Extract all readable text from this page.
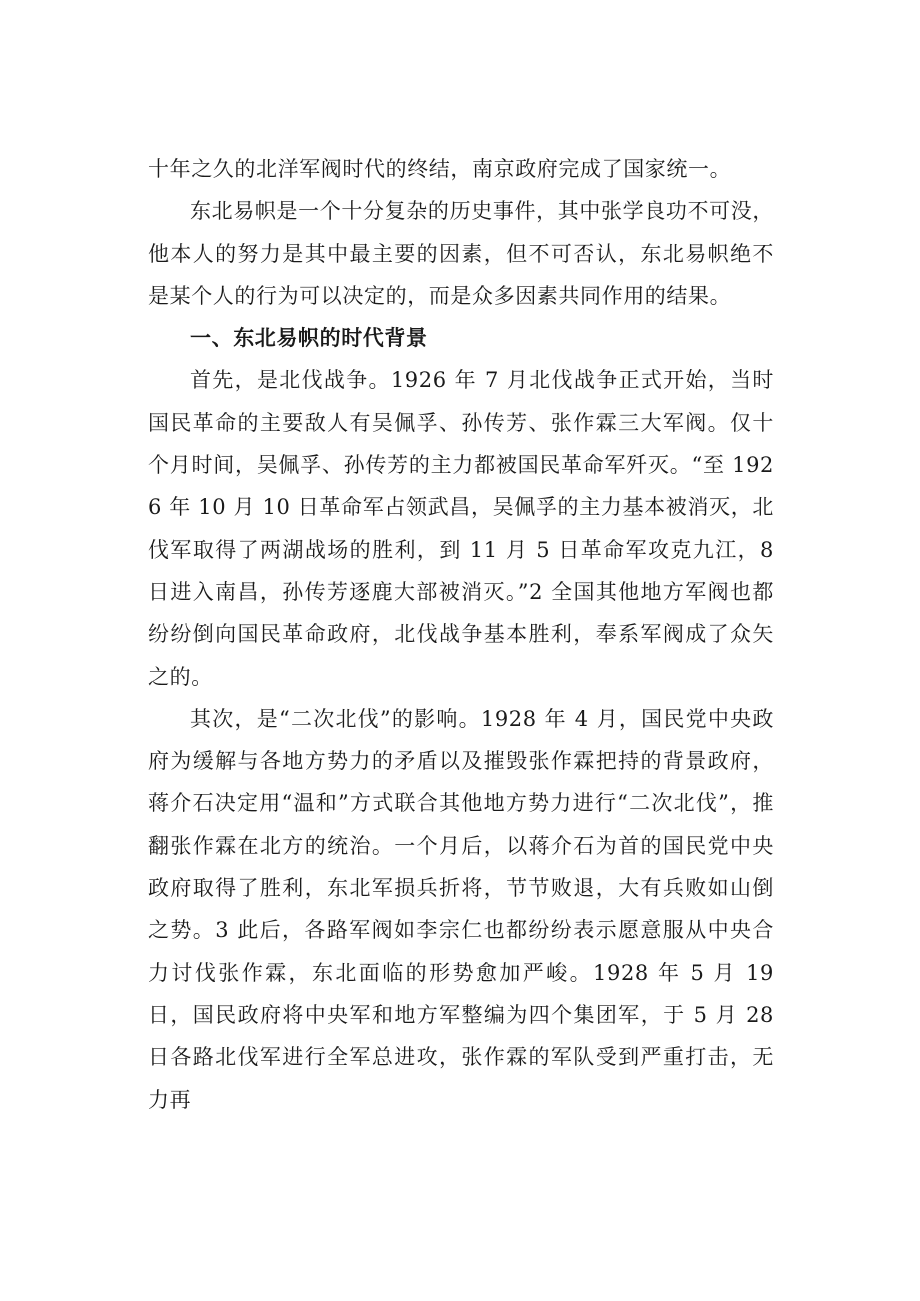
十年之久的北洋军阀时代的终结，南京政府完成了国家统一。

东北易帜是一个十分复杂的历史事件，其中张学良功不可没，他本人的努力是其中最主要的因素，但不可否认，东北易帜绝不是某个人的行为可以决定的，而是众多因素共同作用的结果。

一、东北易帜的时代背景

首先，是北伐战争。1926 年 7 月北伐战争正式开始，当时国民革命的主要敌人有吴佩孚、孙传芳、张作霖三大军阀。仅十个月时间，吴佩孚、孙传芳的主力都被国民革命军歼灭。“至 1926 年 10 月 10 日革命军占领武昌，吴佩孚的主力基本被消灭，北伐军取得了两湖战场的胜利，到 11 月 5 日革命军攻克九江，8 日进入南昌，孙传芳逐鹿大部被消灭。”2 全国其他地方军阀也都纷纷倒向国民革命政府，北伐战争基本胜利，奉系军阀成了众矢之的。

其次，是“二次北伐”的影响。1928 年 4 月，国民党中央政府为缓解与各地方势力的矛盾以及摧毁张作霖把持的背景政府，蒋介石决定用“温和”方式联合其他地方势力进行“二次北伐”，推翻张作霖在北方的统治。一个月后，以蒋介石为首的国民党中央政府取得了胜利，东北军损兵折将，节节败退，大有兵败如山倒之势。3 此后，各路军阀如李宗仁也都纷纷表示愿意服从中央合力讨伐张作霖，东北面临的形势愈加严峻。1928 年 5 月 19 日，国民政府将中央军和地方军整编为四个集团军，于 5 月 28 日各路北伐军进行全军总进攻，张作霖的军队受到严重打击，无力再
